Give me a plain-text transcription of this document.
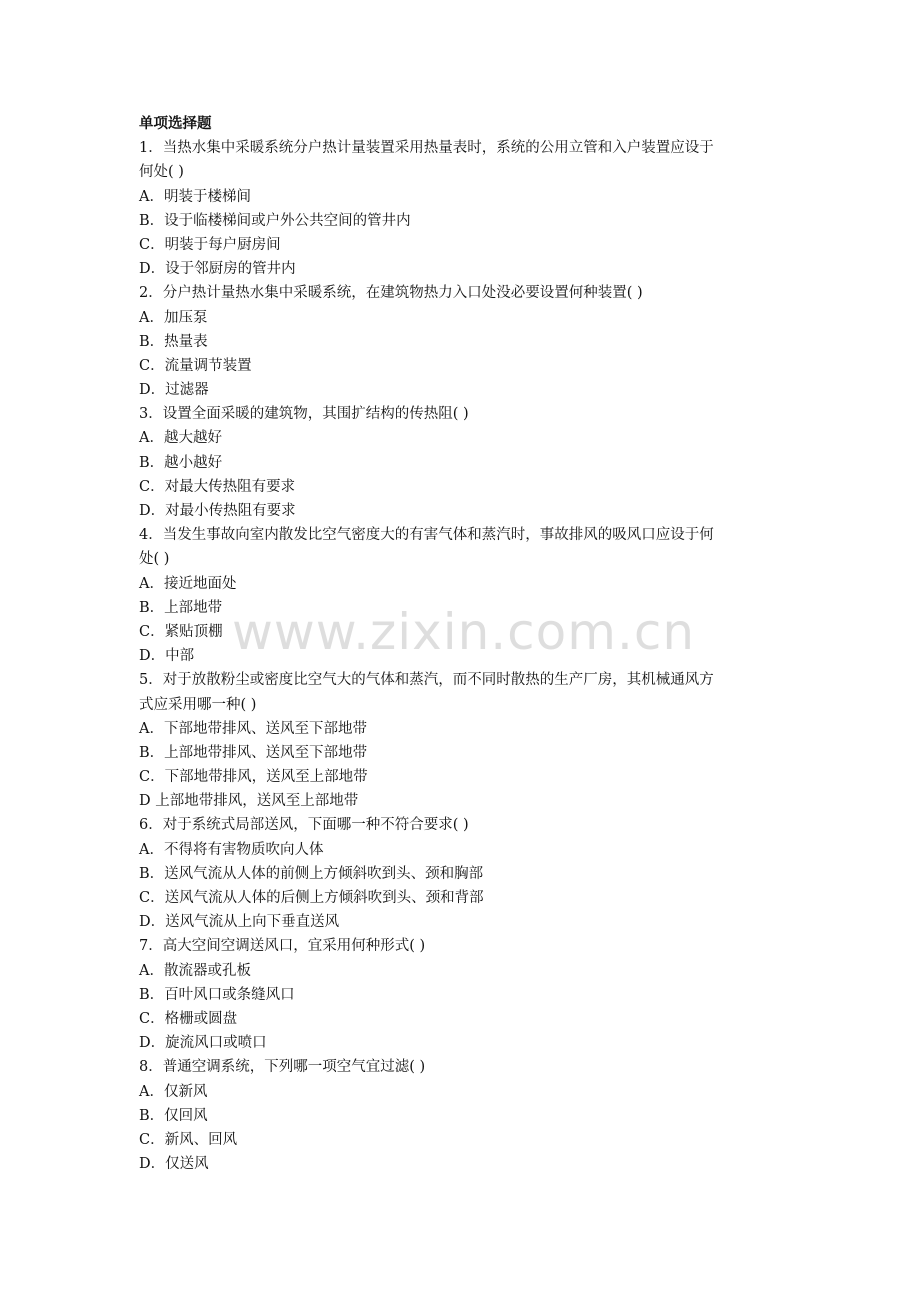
单项选择题
1．当热水集中采暖系统分户热计量装置采用热量表时，系统的公用立管和入户装置应设于
何处( )
A．明装于楼梯间
B．设于临楼梯间或户外公共空间的管井内
C．明装于每户厨房间
D．设于邻厨房的管井内
2．分户热计量热水集中采暖系统，在建筑物热力入口处没必要设置何种装置( )
A．加压泵
B．热量表
C．流量调节装置
D．过滤器
3．设置全面采暖的建筑物，其围扩结构的传热阻( )
A．越大越好
B．越小越好
C．对最大传热阻有要求
D．对最小传热阻有要求
4．当发生事故向室内散发比空气密度大的有害气体和蒸汽时，事故排风的吸风口应设于何
处( )
A．接近地面处
B．上部地带
C．紧贴顶棚
D．中部
5．对于放散粉尘或密度比空气大的气体和蒸汽，而不同时散热的生产厂房，其机械通风方
式应采用哪一种( )
A．下部地带排风、送风至下部地带
B．上部地带排风、送风至下部地带
C．下部地带排风，送风至上部地带
D 上部地带排风，送风至上部地带
6．对于系统式局部送风，下面哪一种不符合要求( )
A．不得将有害物质吹向人体
B．送风气流从人体的前侧上方倾斜吹到头、颈和胸部
C．送风气流从人体的后侧上方倾斜吹到头、颈和背部
D．送风气流从上向下垂直送风
7．高大空间空调送风口，宜采用何种形式( )
A．散流器或孔板
B．百叶风口或条缝风口
C．格栅或圆盘
D．旋流风口或喷口
8．普通空调系统，下列哪一项空气宜过滤( )
A．仅新风
B．仅回风
C．新风、回风
D．仅送风
www.zixin.com.cn
